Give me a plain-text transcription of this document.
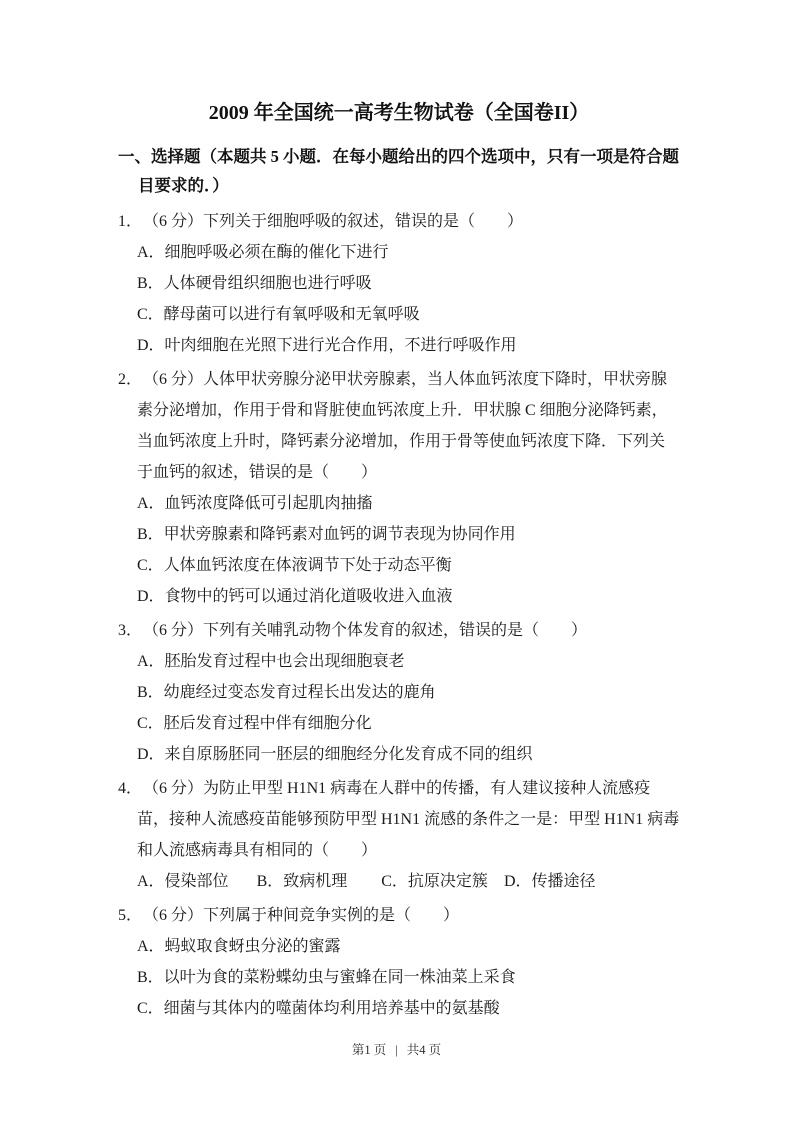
2009 年全国统一高考生物试卷（全国卷II）
一、选择题（本题共 5 小题．在每小题给出的四个选项中，只有一项是符合题目要求的．）
1． （6 分）下列关于细胞呼吸的叙述，错误的是（　　）
A．细胞呼吸必须在酶的催化下进行
B．人体硬骨组织细胞也进行呼吸
C．酵母菌可以进行有氧呼吸和无氧呼吸
D．叶肉细胞在光照下进行光合作用，不进行呼吸作用
2． （6 分）人体甲状旁腺分泌甲状旁腺素，当人体血钙浓度下降时，甲状旁腺素分泌增加，作用于骨和肾脏使血钙浓度上升．甲状腺 C 细胞分泌降钙素，当血钙浓度上升时，降钙素分泌增加，作用于骨等使血钙浓度下降．下列关于血钙的叙述，错误的是（　　）
A．血钙浓度降低可引起肌肉抽搐
B．甲状旁腺素和降钙素对血钙的调节表现为协同作用
C．人体血钙浓度在体液调节下处于动态平衡
D．食物中的钙可以通过消化道吸收进入血液
3． （6 分）下列有关哺乳动物个体发育的叙述，错误的是（　　）
A．胚胎发育过程中也会出现细胞衰老
B．幼鹿经过变态发育过程长出发达的鹿角
C．胚后发育过程中伴有细胞分化
D．来自原肠胚同一胚层的细胞经分化发育成不同的组织
4． （6 分）为防止甲型 H1N1 病毒在人群中的传播，有人建议接种人流感疫苗，接种人流感疫苗能够预防甲型 H1N1 流感的条件之一是：甲型 H1N1 病毒和人流感病毒具有相同的（　　）
A．侵染部位 B．致病机理 C．抗原决定簇 D．传播途径
5． （6 分）下列属于种间竞争实例的是（　　）
A．蚂蚁取食蚜虫分泌的蜜露
B．以叶为食的菜粉蝶幼虫与蜜蜂在同一株油菜上采食
C．细菌与其体内的噬菌体均利用培养基中的氨基酸
第1 页 | 共4 页
